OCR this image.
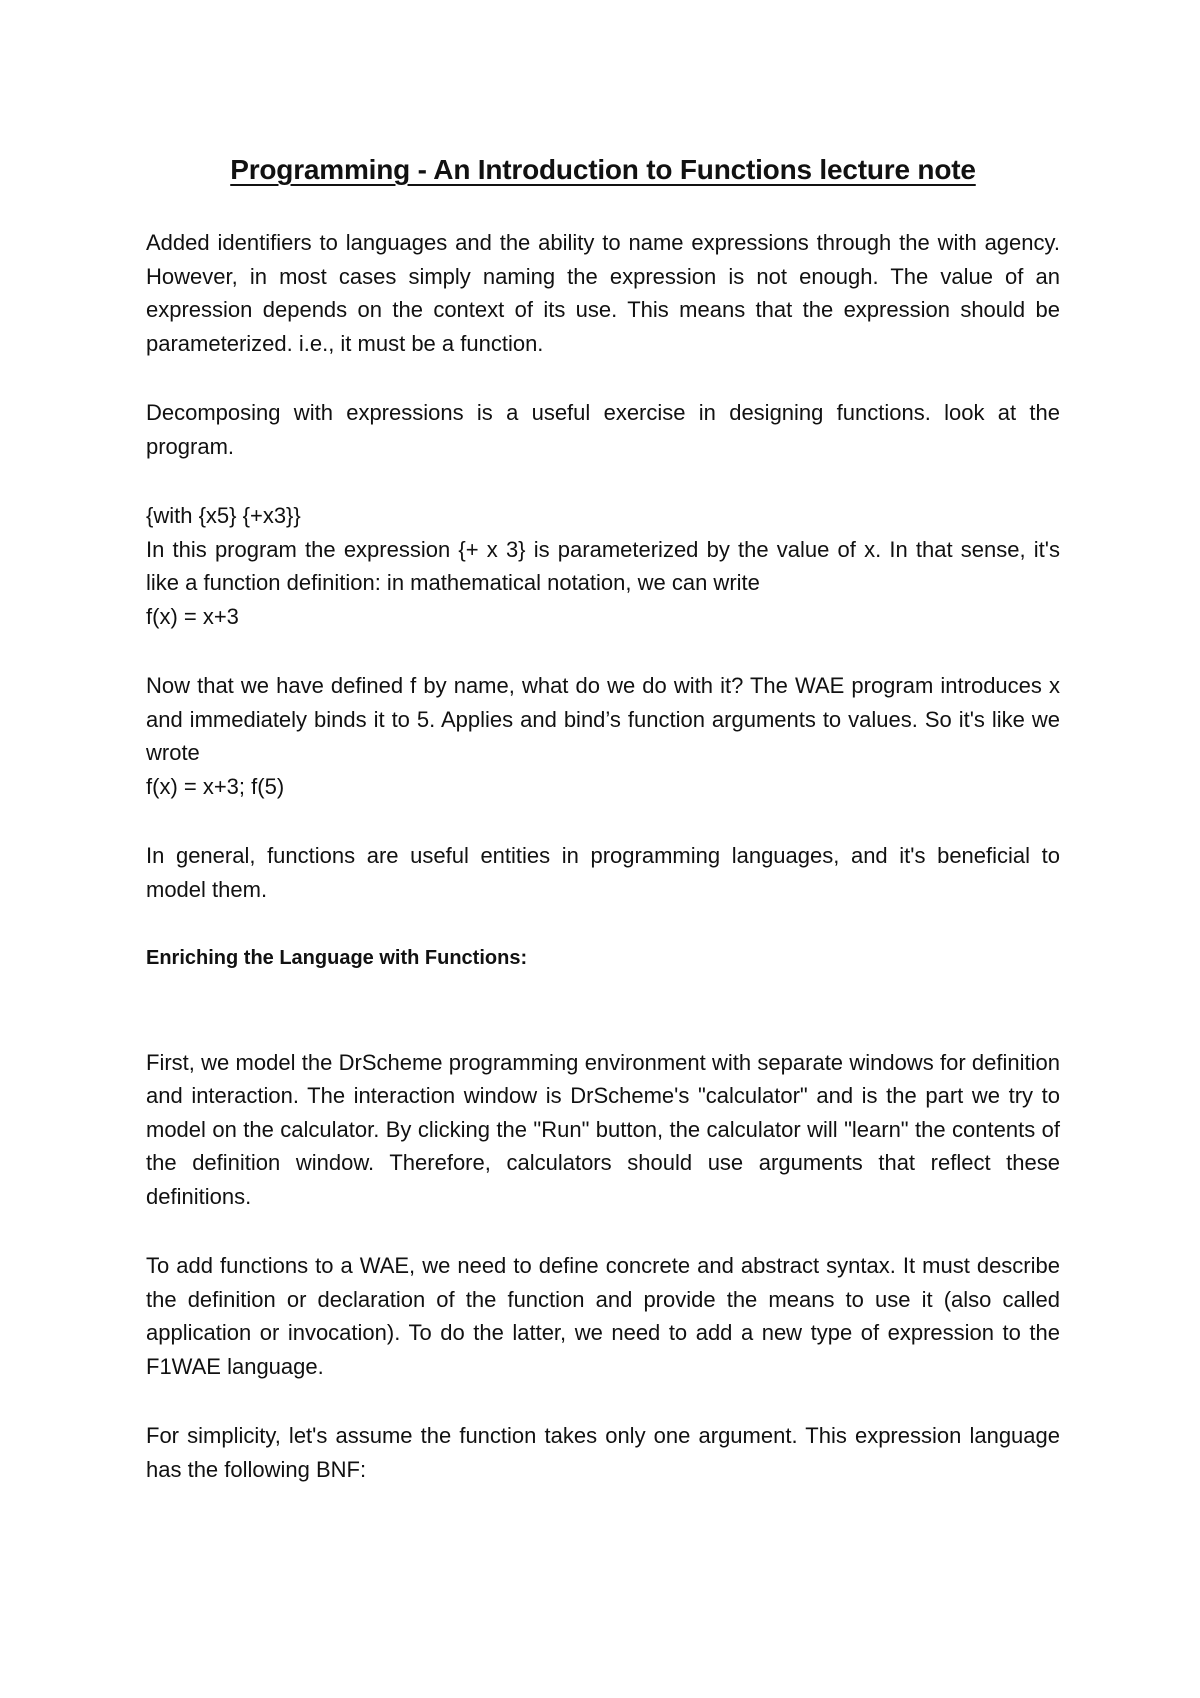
Programming - An Introduction to Functions lecture note

Added identifiers to languages and the ability to name expressions through the with agency. However, in most cases simply naming the expression is not enough. The value of an expression depends on the context of its use. This means that the expression should be parameterized. i.e., it must be a function.

Decomposing with expressions is a useful exercise in designing functions. look at the program.

{with {x5} {+x3}}

In this program the expression {+ x 3} is parameterized by the value of x. In that sense, it's like a function definition: in mathematical notation, we can write

f(x) = x+3

Now that we have defined f by name, what do we do with it? The WAE program introduces x and immediately binds it to 5. Applies and bind’s function arguments to values. So it's like we wrote

f(x) = x+3; f(5)

In general, functions are useful entities in programming languages, and it's beneficial to model them.

Enriching the Language with Functions:

First, we model the DrScheme programming environment with separate windows for definition and interaction. The interaction window is DrScheme's "calculator" and is the part we try to model on the calculator. By clicking the "Run" button, the calculator will "learn" the contents of the definition window. Therefore, calculators should use arguments that reflect these definitions.

To add functions to a WAE, we need to define concrete and abstract syntax. It must describe the definition or declaration of the function and provide the means to use it (also called application or invocation). To do the latter, we need to add a new type of expression to the F1WAE language.

For simplicity, let's assume the function takes only one argument. This expression language has the following BNF:
